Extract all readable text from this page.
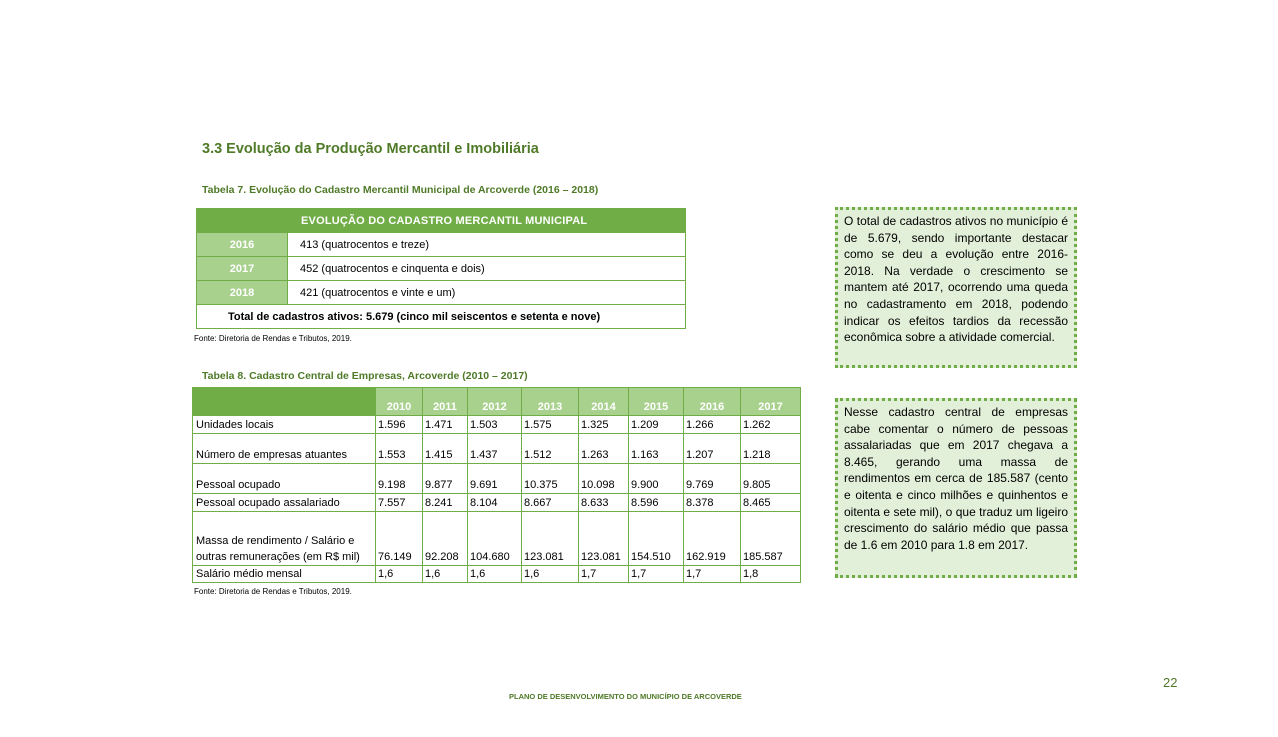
3.3 Evolução da Produção Mercantil e Imobiliária
Tabela 7. Evolução do Cadastro Mercantil Municipal de Arcoverde (2016 – 2018)
EVOLUÇÃO DO CADASTRO MERCANTIL MUNICIPAL	
2016	413 (quatrocentos e treze)
2017	452 (quatrocentos e cinquenta e dois)
2018	421 (quatrocentos e vinte e um)
Total de cadastros ativos: 5.679 (cinco mil seiscentos e setenta e nove)	
Fonte: Diretoria de Rendas e Tributos, 2019.
Tabela 8. Cadastro Central de Empresas, Arcoverde (2010 – 2017)
	2010	2011	2012	2013	2014	2015	2016	2017
Unidades locais	1.596	1.471	1.503	1.575	1.325	1.209	1.266	1.262
Número de empresas atuantes	1.553	1.415	1.437	1.512	1.263	1.163	1.207	1.218
Pessoal ocupado	9.198	9.877	9.691	10.375	10.098	9.900	9.769	9.805
Pessoal ocupado assalariado	7.557	8.241	8.104	8.667	8.633	8.596	8.378	8.465
Massa de rendimento / Salário e outras remunerações (em R$ mil)	76.149	92.208	104.680	123.081	123.081	154.510	162.919	185.587
Salário médio mensal	1,6	1,6	1,6	1,6	1,7	1,7	1,7	1,8
Fonte: Diretoria de Rendas e Tributos, 2019.
O total de cadastros ativos no município é de 5.679, sendo importante destacar como se deu a evolução entre 2016-2018. Na verdade o crescimento se mantem até 2017, ocorrendo uma queda no cadastramento em 2018, podendo indicar os efeitos tardios da recessão econômica sobre a atividade comercial.
Nesse cadastro central de empresas cabe comentar o número de pessoas assalariadas que em 2017 chegava a 8.465, gerando uma massa de rendimentos em cerca de 185.587 (cento e oitenta e cinco milhões e quinhentos e oitenta e sete mil), o que traduz um ligeiro crescimento do salário médio que passa de 1.6 em 2010 para 1.8 em 2017.
22
PLANO DE DESENVOLVIMENTO DO MUNICÍPIO DE ARCOVERDE
